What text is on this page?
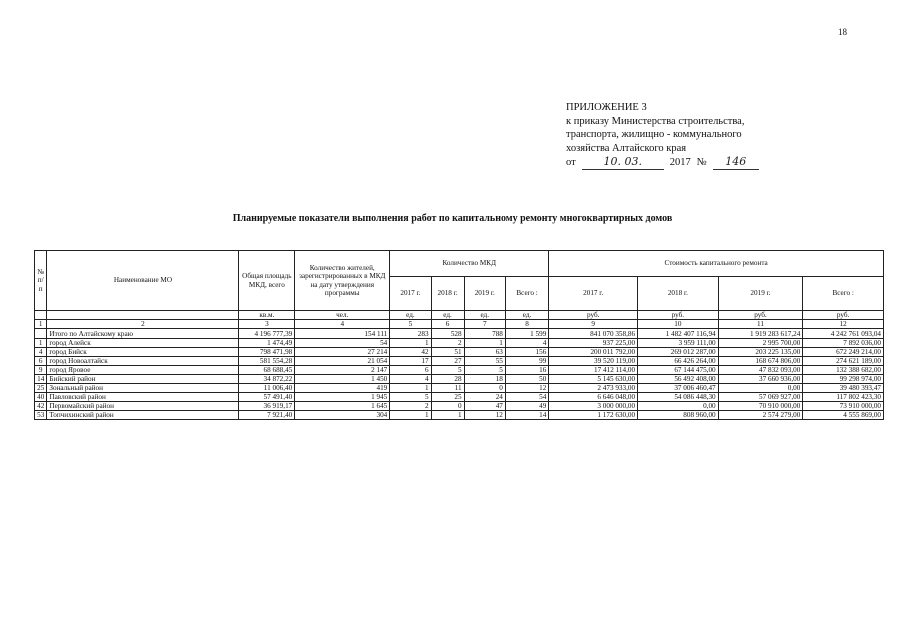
18
ПРИЛОЖЕНИЕ 3
к приказу Министерства строительства,
транспорта, жилищно - коммунального
хозяйства Алтайского края
от	10. 03.	2017 №	146
Планируемые показатели выполнения работ по капитальному ремонту многоквартирных домов
№ п/п	Наименование МО	Общая площадь МКД, всего	Количество жителей, зарегистрированных в МКД на дату утверждения программы	Количество МКД				Стоимость капитального ремонта			
				2017 г.	2018 г.	2019 г.	Всего :	2017 г.	2018 г.	2019 г.	Всего :
		кв.м.	чел.	ед.	ед.	ед.	ед.	руб.	руб.	руб.	руб.
1	2	3	4	5	6	7	8	9	10	11	12
	Итого по Алтайскому краю	4 196 777,39	154 111	283	528	788	1 599	841 070 358,86	1 482 407 116,94	1 919 283 617,24	4 242 761 093,04
1	город Алейск	1 474,49	54	1	2	1	4	937 225,00	3 959 111,00	2 995 700,00	7 892 036,00
4	город Бийск	798 471,98	27 214	42	51	63	156	200 011 792,00	269 012 287,00	203 225 135,00	672 249 214,00
6	город Новоалтайск	581 554,28	21 054	17	27	55	99	39 520 119,00	66 426 264,00	168 674 806,00	274 621 189,00
9	город Яровое	68 688,45	2 147	6	5	5	16	17 412 114,00	67 144 475,00	47 832 093,00	132 388 682,00
14	Бийский район	34 872,22	1 450	4	28	18	50	5 145 630,00	56 492 408,00	37 660 936,00	99 298 974,00
25	Зональный район	11 006,40	419	1	11	0	12	2 473 933,00	37 006 460,47	0,00	39 480 393,47
40	Павловский район	57 491,40	1 945	5	25	24	54	6 646 048,00	54 086 448,30	57 069 927,00	117 802 423,30
42	Первомайский район	36 919,17	1 645	2	0	47	49	3 000 000,00	0,00	70 910 000,00	73 910 000,00
53	Топчихинский район	7 921,40	304	1	1	12	14	1 172 630,00	808 960,00	2 574 279,00	4 555 869,00
